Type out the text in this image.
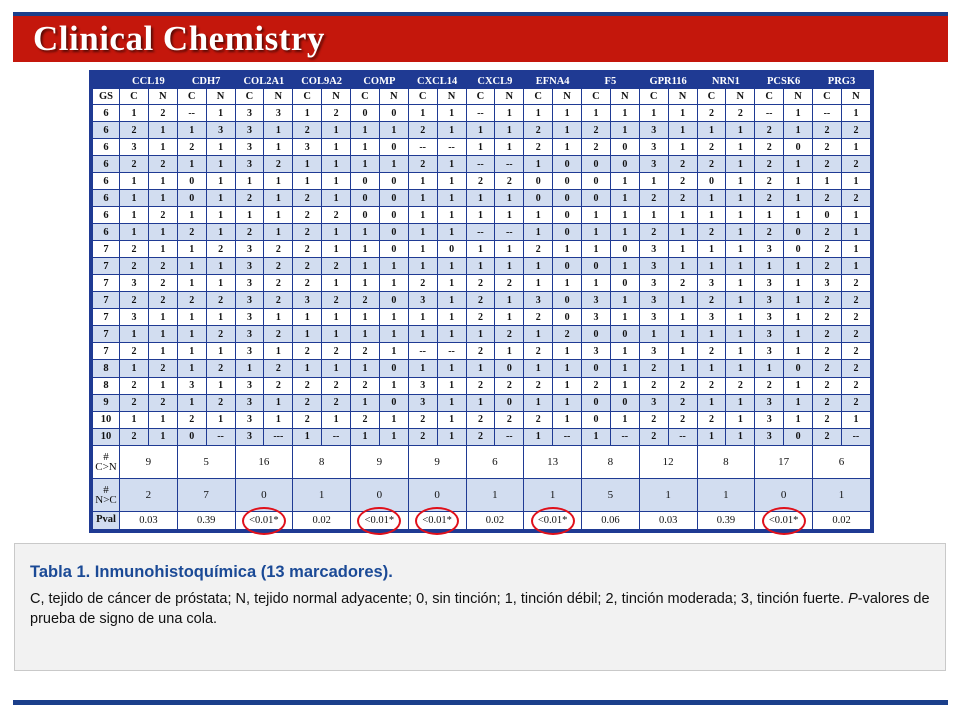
Clinical Chemistry
	CCL19		CDH7		COL2A1		COL9A2		COMP		CXCL14		CXCL9		EFNA4		F5		GPR116		NRN1		PCSK6		PRG3	
GS	C	N	C	N	C	N	C	N	C	N	C	N	C	N	C	N	C	N	C	N	C	N	C	N	C	N
6	1	2	--	1	3	3	1	2	0	0	1	1	--	1	1	1	1	1	1	1	2	2	--	1	--	1
6	2	1	1	3	3	1	2	1	1	1	2	1	1	1	2	1	2	1	3	1	1	1	2	1	2	2
6	3	1	2	1	3	1	3	1	1	0	--	--	1	1	2	1	2	0	3	1	2	1	2	0	2	1
6	2	2	1	1	3	2	1	1	1	1	2	1	--	--	1	0	0	0	3	2	2	1	2	1	2	2
6	1	1	0	1	1	1	1	1	0	0	1	1	2	2	0	0	0	1	1	2	0	1	2	1	1	1
6	1	1	0	1	2	1	2	1	0	0	1	1	1	1	0	0	0	1	2	2	1	1	2	1	2	2
6	1	2	1	1	1	1	2	2	0	0	1	1	1	1	1	0	1	1	1	1	1	1	1	1	0	1
6	1	1	2	1	2	1	2	1	1	0	1	1	--	--	1	0	1	1	2	1	2	1	2	0	2	1
7	2	1	1	2	3	2	2	1	1	0	1	0	1	1	2	1	1	0	3	1	1	1	3	0	2	1
7	2	2	1	1	3	2	2	2	1	1	1	1	1	1	1	0	0	1	3	1	1	1	1	1	2	1
7	3	2	1	1	3	2	2	1	1	1	2	1	2	2	1	1	1	0	3	2	3	1	3	1	3	2
7	2	2	2	2	3	2	3	2	2	0	3	1	2	1	3	0	3	1	3	1	2	1	3	1	2	2
7	3	1	1	1	3	1	1	1	1	1	1	1	2	1	2	0	3	1	3	1	3	1	3	1	2	2
7	1	1	1	2	3	2	1	1	1	1	1	1	1	2	1	2	0	0	1	1	1	1	3	1	2	2
7	2	1	1	1	3	1	2	2	2	1	--	--	2	1	2	1	3	1	3	1	2	1	3	1	2	2
8	1	2	1	2	1	2	1	1	1	0	1	1	1	0	1	1	0	1	2	1	1	1	1	0	2	2
8	2	1	3	1	3	2	2	2	2	1	3	1	2	2	2	1	2	1	2	2	2	2	2	1	2	2
9	2	2	1	2	3	1	2	2	1	0	3	1	1	0	1	1	0	0	3	2	1	1	3	1	2	2
10	1	1	2	1	3	1	2	1	2	1	2	1	2	2	2	1	0	1	2	2	2	1	3	1	2	1
10	2	1	0	--	3	---	1	--	1	1	2	1	2	--	1	--	1	--	2	--	1	1	3	0	2	--
# C>N	9		5		16		8		9		9		6		13		8		12		8		17		6	
# N>C	2		7		0		1		0		0		1		1		5		1		1		0		1	
Pval	0.03		0.39		<0.01*		0.02		<0.01*		<0.01*		0.02		<0.01*		0.06		0.03		0.39		<0.01*		0.02	
Tabla 1. Inmunohistoquímica (13 marcadores).
C, tejido de cáncer de próstata; N, tejido normal adyacente; 0, sin tinción; 1, tinción débil; 2, tinción moderada; 3, tinción fuerte. P-valores de prueba de signo de una cola.
